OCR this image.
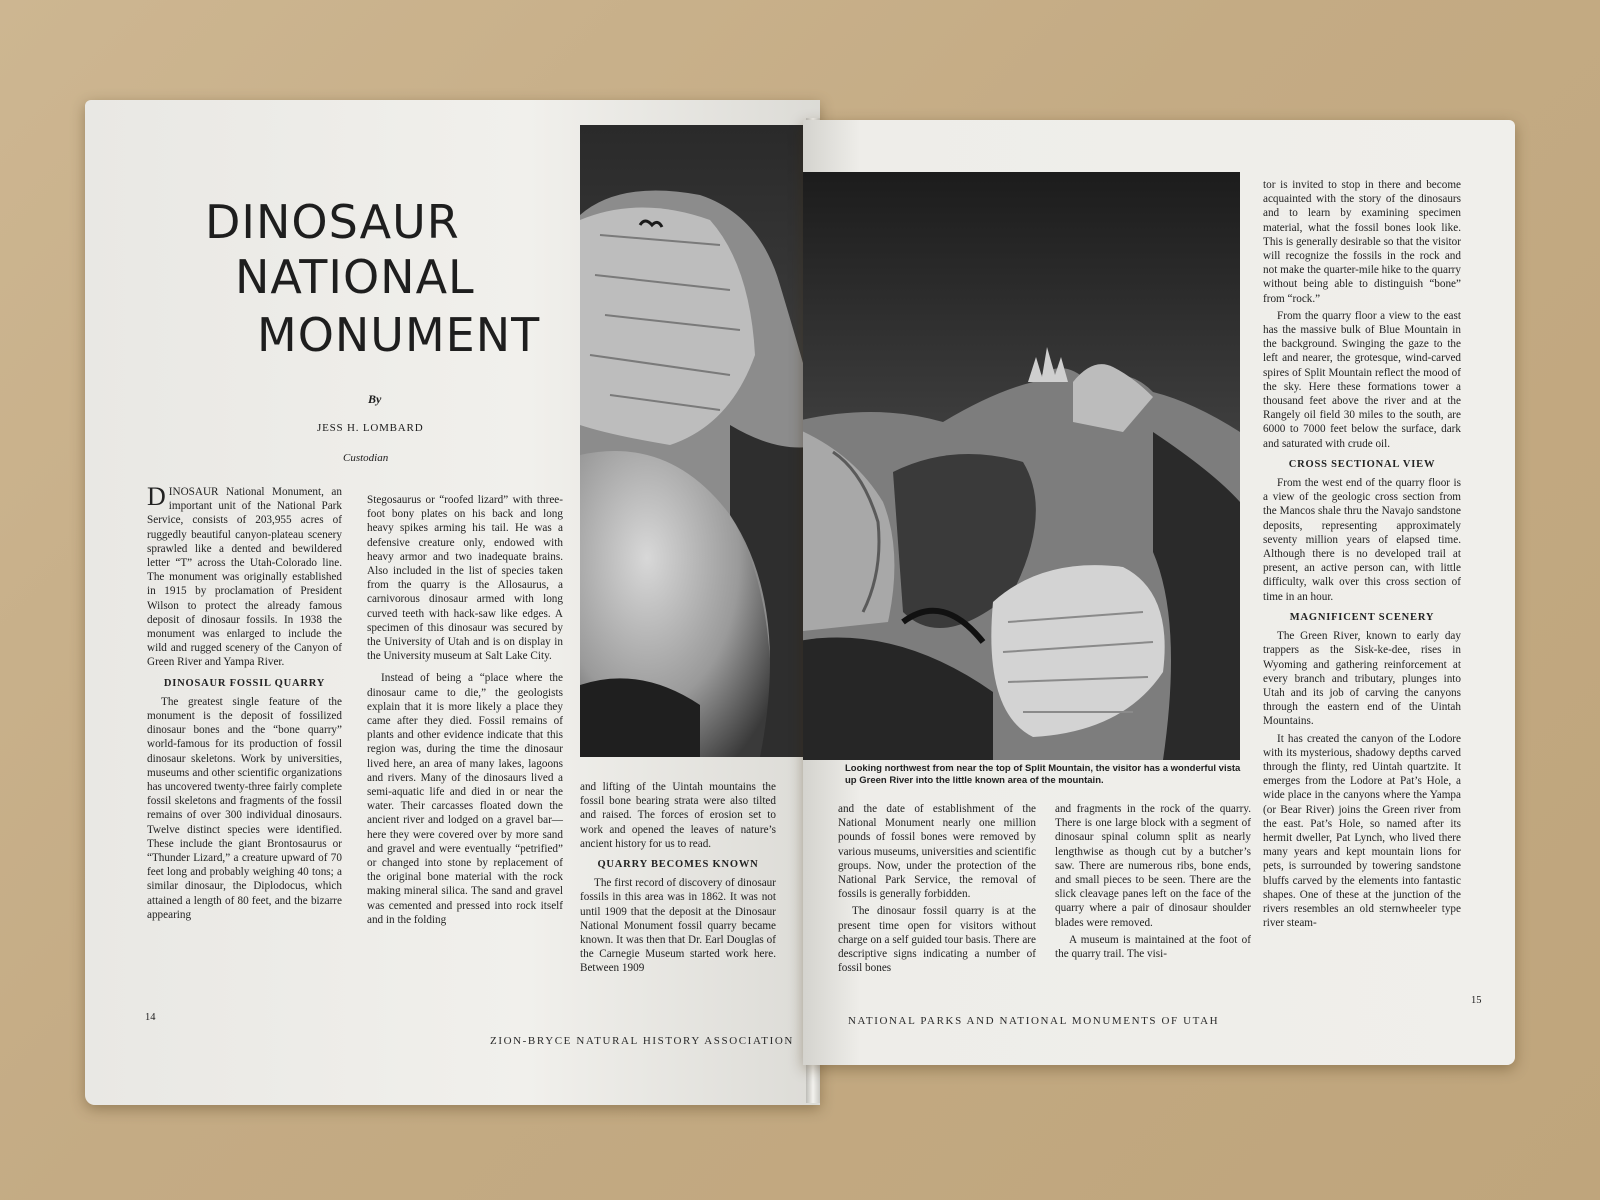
DINOSAUR
NATIONAL
MONUMENT
By
JESS H. LOMBARD
Custodian

DINOSAUR National Monument, an important unit of the National Park Service, consists of 203,955 acres of ruggedly beautiful canyon-plateau scenery sprawled like a dented and bewildered letter “T” across the Utah-Colorado line. The monument was originally established in 1915 by proclamation of President Wilson to protect the already famous deposit of dinosaur fossils. In 1938 the monument was enlarged to include the wild and rugged scenery of the Canyon of Green River and Yampa River.

DINOSAUR FOSSIL QUARRY

The greatest single feature of the monument is the deposit of fossilized dinosaur bones and the “bone quarry” world-famous for its production of fossil dinosaur skeletons. Work by universities, museums and other scientific organizations has uncovered twenty-three fairly complete fossil skeletons and fragments of the fossil remains of over 300 individual dinosaurs. Twelve distinct species were identified. These include the giant Brontosaurus or “Thunder Lizard,” a creature upward of 70 feet long and probably weighing 40 tons; a similar dinosaur, the Diplodocus, which attained a length of 80 feet, and the bizarre appearing

Stegosaurus or “roofed lizard” with three-foot bony plates on his back and long heavy spikes arming his tail. He was a defensive creature only, endowed with heavy armor and two inadequate brains. Also included in the list of species taken from the quarry is the Allosaurus, a carnivorous dinosaur armed with long curved teeth with hack-saw like edges. A specimen of this dinosaur was secured by the University of Utah and is on display in the University museum at Salt Lake City.

Instead of being a “place where the dinosaur came to die,” the geologists explain that it is more likely a place they came after they died. Fossil remains of plants and other evidence indicate that this region was, during the time the dinosaur lived here, an area of many lakes, lagoons and rivers. Many of the dinosaurs lived a semi-aquatic life and died in or near the water. Their carcasses floated down the ancient river and lodged on a gravel bar—here they were covered over by more sand and gravel and were eventually “petrified” or changed into stone by replacement of the original bone material with the rock making mineral silica. The sand and gravel was cemented and pressed into rock itself and in the folding

and lifting of the Uintah mountains the fossil bone bearing strata were also tilted and raised. The forces of erosion set to work and opened the leaves of nature’s ancient history for us to read.

QUARRY BECOMES KNOWN

The first record of discovery of dinosaur fossils in this area was in 1862. It was not until 1909 that the deposit at the Dinosaur National Monument fossil quarry became known. It was then that Dr. Earl Douglas of the Carnegie Museum started work here. Between 1909

14
ZION-BRYCE NATURAL HISTORY ASSOCIATION
Looking northwest from near the top of Split Mountain, the visitor has a wonderful vista up Green River into the little known area of the mountain.

and the date of establishment of the National Monument nearly one million pounds of fossil bones were removed by various museums, universities and scientific groups. Now, under the protection of the National Park Service, the removal of fossils is generally forbidden.

The dinosaur fossil quarry is at the present time open for visitors without charge on a self guided tour basis. There are descriptive signs indicating a number of fossil bones

and fragments in the rock of the quarry. There is one large block with a segment of dinosaur spinal column split as nearly lengthwise as though cut by a butcher’s saw. There are numerous ribs, bone ends, and small pieces to be seen. There are the slick cleavage panes left on the face of the quarry where a pair of dinosaur shoulder blades were removed.

A museum is maintained at the foot of the quarry trail. The visi-

tor is invited to stop in there and become acquainted with the story of the dinosaurs and to learn by examining specimen material, what the fossil bones look like. This is generally desirable so that the visitor will recognize the fossils in the rock and not make the quarter-mile hike to the quarry without being able to distinguish “bone” from “rock.”

From the quarry floor a view to the east has the massive bulk of Blue Mountain in the background. Swinging the gaze to the left and nearer, the grotesque, wind-carved spires of Split Mountain reflect the mood of the sky. Here these formations tower a thousand feet above the river and at the Rangely oil field 30 miles to the south, are 6000 to 7000 feet below the surface, dark and saturated with crude oil.

CROSS SECTIONAL VIEW

From the west end of the quarry floor is a view of the geologic cross section from the Mancos shale thru the Navajo sandstone deposits, representing approximately seventy million years of elapsed time. Although there is no developed trail at present, an active person can, with little difficulty, walk over this cross section of time in an hour.

MAGNIFICENT SCENERY

The Green River, known to early day trappers as the Sisk-ke-dee, rises in Wyoming and gathering reinforcement at every branch and tributary, plunges into Utah and its job of carving the canyons through the eastern end of the Uintah Mountains.

It has created the canyon of the Lodore with its mysterious, shadowy depths carved through the flinty, red Uintah quartzite. It emerges from the Lodore at Pat’s Hole, a wide place in the canyons where the Yampa (or Bear River) joins the Green river from the east. Pat’s Hole, so named after its hermit dweller, Pat Lynch, who lived there many years and kept mountain lions for pets, is surrounded by towering sandstone bluffs carved by the elements into fantastic shapes. One of these at the junction of the rivers resembles an old sternwheeler type river steam-

NATIONAL PARKS AND NATIONAL MONUMENTS OF UTAH
15
